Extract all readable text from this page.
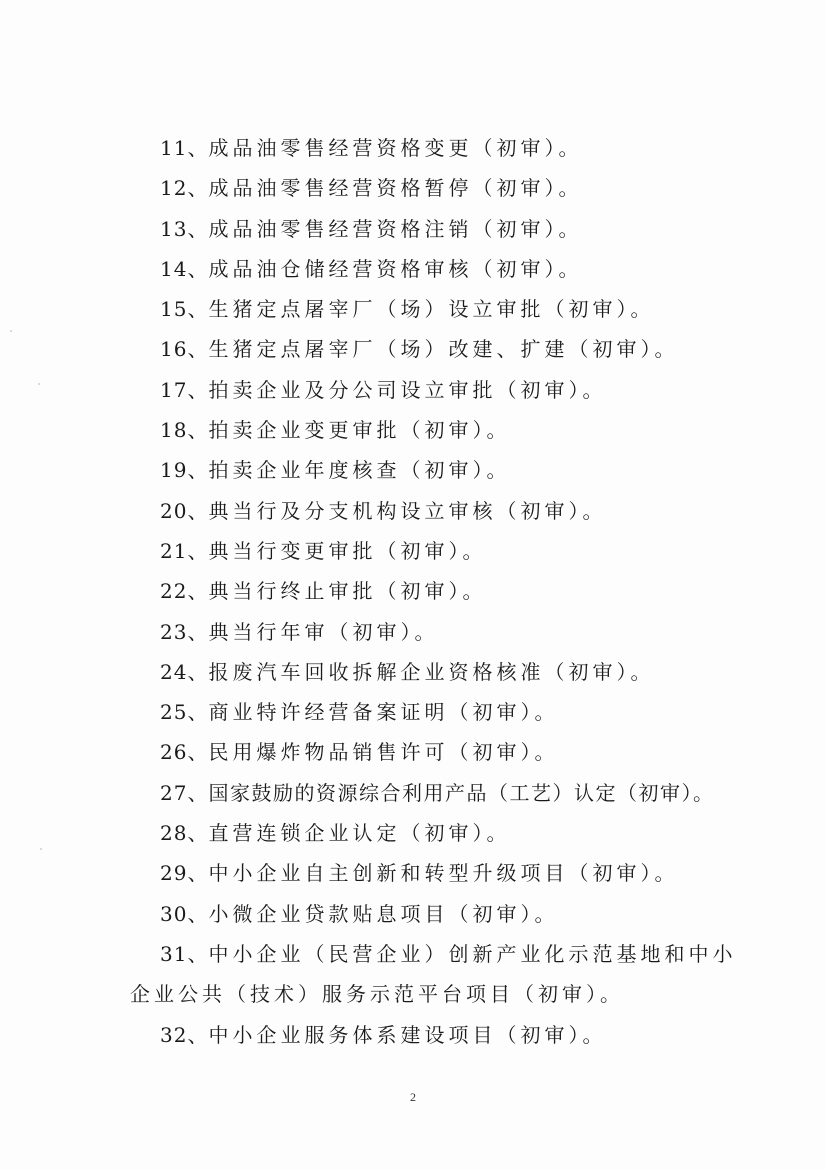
11、成品油零售经营资格变更（初审）。
12、成品油零售经营资格暂停（初审）。
13、成品油零售经营资格注销（初审）。
14、成品油仓储经营资格审核（初审）。
15、生猪定点屠宰厂（场）设立审批（初审）。
16、生猪定点屠宰厂（场）改建、扩建（初审）。
17、拍卖企业及分公司设立审批（初审）。
18、拍卖企业变更审批（初审）。
19、拍卖企业年度核查（初审）。
20、典当行及分支机构设立审核（初审）。
21、典当行变更审批（初审）。
22、典当行终止审批（初审）。
23、典当行年审（初审）。
24、报废汽车回收拆解企业资格核准（初审）。
25、商业特许经营备案证明（初审）。
26、民用爆炸物品销售许可（初审）。
27、国家鼓励的资源综合利用产品（工艺）认定（初审）。
28、直营连锁企业认定（初审）。
29、中小企业自主创新和转型升级项目（初审）。
30、小微企业贷款贴息项目（初审）。
31、中小企业（民营企业）创新产业化示范基地和中小
企业公共（技术）服务示范平台项目（初审）。
32、中小企业服务体系建设项目（初审）。
2
